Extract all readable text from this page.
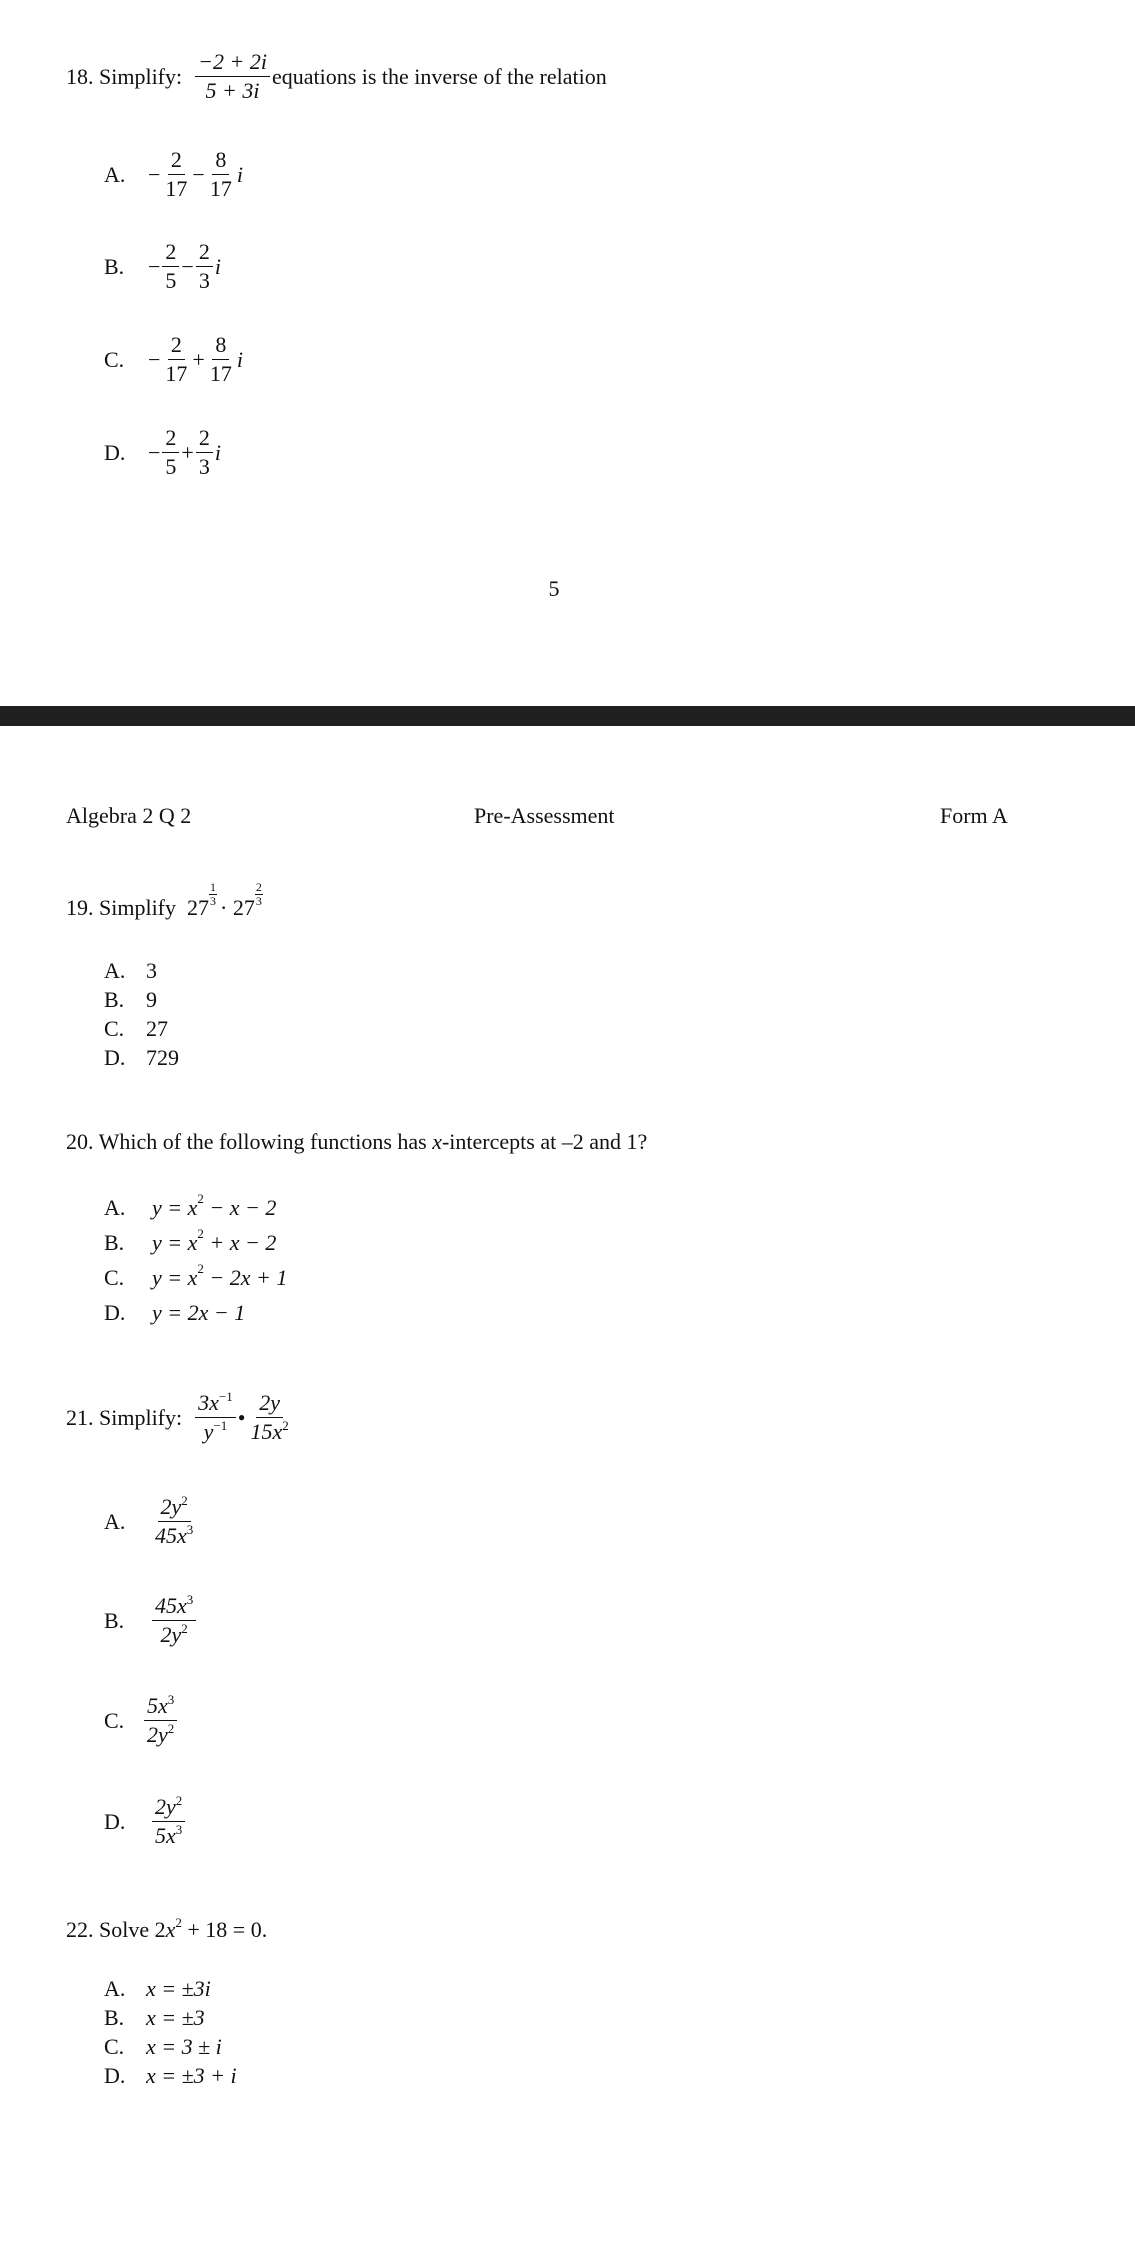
18.
Simplify:
$\frac{-2 + 2i}{5 + 3i}$ equations is the inverse of the relation
A.	− $\frac{2}{17} - \frac{8}{17}$ i
B.	− $\frac{2}{5} - \frac{2}{3}$ i
C.	− $\frac{2}{17} + \frac{8}{17}$ i
D.	− $\frac{2}{5} + \frac{2}{3}$ i
5
Algebra 2 Q 2	Pre-Assessment	Form A
19.
Simplify
27
$\frac{1}{3}$
·
27
$\frac{2}{3}$
A. 3
B. 9
C. 27
D. 729
20. Which of the following functions has x-intercepts at –2 and 1?
A. $y = x^2 - x - 2$
B. $y = x^2 + x - 2$
C. $y = x^2 - 2x + 1$
D. y = 2x − 1
21.
Simplify:
$\frac{3x^{-1}}{y^{-1}}$ • $\frac{2y}{15x^2}$
A.	$\frac{2y^2}{45x^3}$
B.	$\frac{45x^3}{2y^2}$
C. $\frac{5x^3}{2y^2}$
D.	$\frac{2y^2}{5x^3}$
22. Solve $2x^2 + 18 = 0$.
A. x = ±3i
B. x = ±3
C. x = 3 ± i
D. x = ±3 + i
